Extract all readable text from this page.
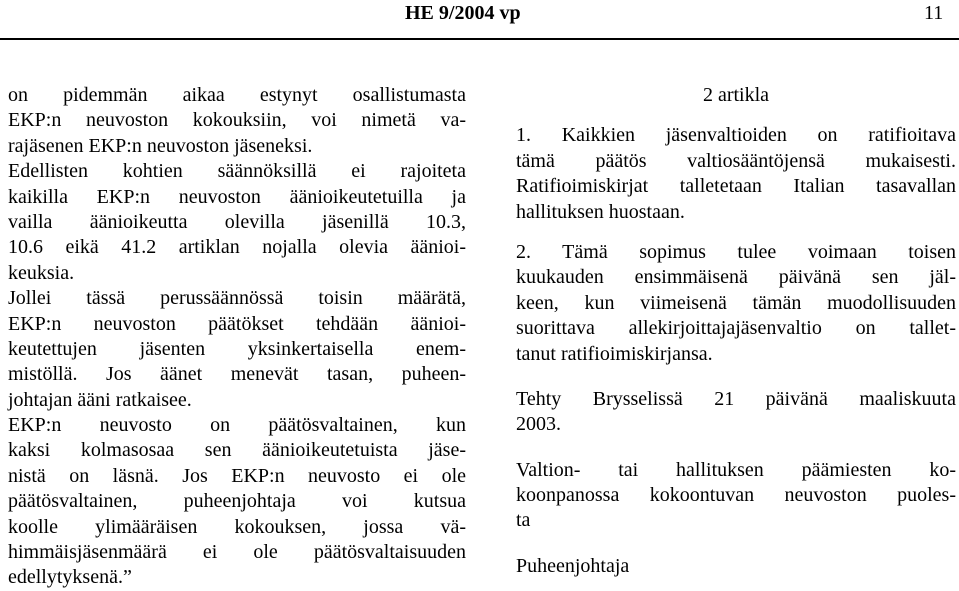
HE 9/2004 vp	11
on pidemmän aikaa estynyt osallistumasta
EKP:n neuvoston kokouksiin, voi nimetä va-
rajäsenen EKP:n neuvoston jäseneksi.
Edellisten kohtien säännöksillä ei rajoiteta
kaikilla EKP:n neuvoston äänioikeutetuilla ja
vailla äänioikeutta olevilla jäsenillä 10.3,
10.6 eikä 41.2 artiklan nojalla olevia äänioi-
keuksia.
Jollei tässä perussäännössä toisin määrätä,
EKP:n neuvoston päätökset tehdään äänioi-
keutettujen jäsenten yksinkertaisella enem-
mistöllä. Jos äänet menevät tasan, puheen-
johtajan ääni ratkaisee.
EKP:n neuvosto on päätösvaltainen, kun
kaksi kolmasosaa sen äänioikeutetuista jäse-
nistä on läsnä. Jos EKP:n neuvosto ei ole
päätösvaltainen, puheenjohtaja voi kutsua
koolle ylimääräisen kokouksen, jossa vä-
himmäisjäsenmäärä ei ole päätösvaltaisuuden
edellytyksenä.”
2 artikla
1. Kaikkien jäsenvaltioiden on ratifioitava
tämä päätös valtiosääntöjensä mukaisesti.
Ratifioimiskirjat talletetaan Italian tasavallan
hallituksen huostaan.
2. Tämä sopimus tulee voimaan toisen
kuukauden ensimmäisenä päivänä sen jäl-
keen, kun viimeisenä tämän muodollisuuden
suorittava allekirjoittajajäsenvaltio on tallet-
tanut ratifioimiskirjansa.
Tehty Brysselissä 21 päivänä maaliskuuta
2003.
Valtion- tai hallituksen päämiesten ko-
koonpanossa kokoontuvan neuvoston puoles-
ta
Puheenjohtaja
